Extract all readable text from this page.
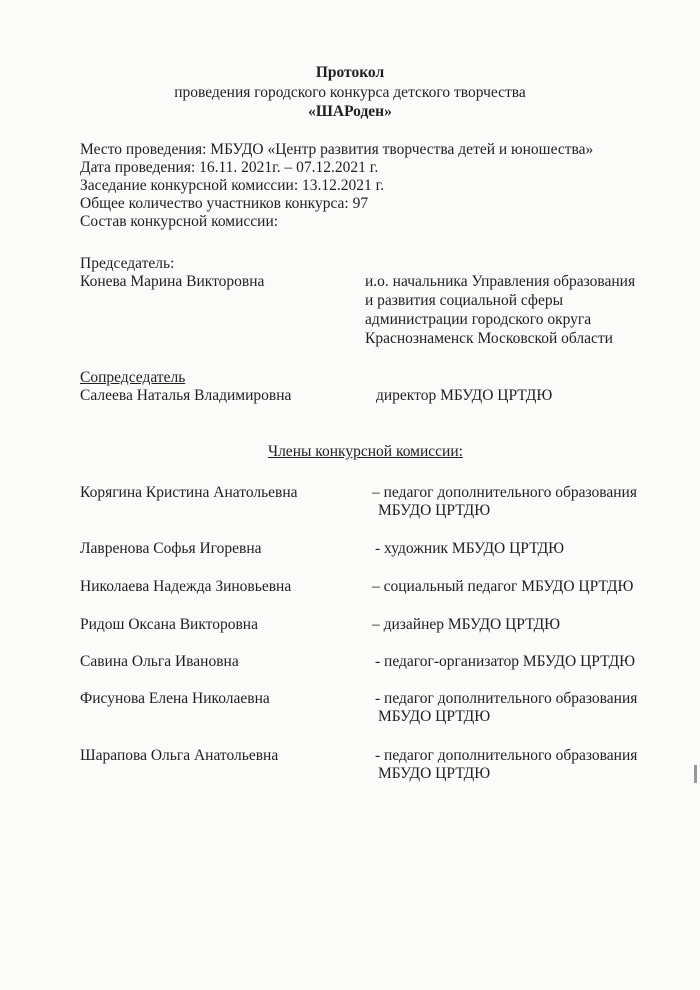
Протокол
проведения городского конкурса детского творчества
«ШАРоден»
Место проведения: МБУДО «Центр развития творчества детей и юношества»
Дата проведения: 16.11. 2021г. – 07.12.2021 г.
Заседание конкурсной комиссии: 13.12.2021 г.
Общее количество участников конкурса: 97
Состав конкурсной комиссии:
Председатель:
Конева Марина Викторовна	и.о. начальника Управления образования
и развития социальной сферы
администрации городского округа
Краснознаменск Московской области
Сопредседатель
Салеева Наталья Владимировна	директор МБУДО ЦРТДЮ
Члены конкурсной комиссии:
Корягина Кристина Анатольевна	– педагог дополнительного образования
МБУДО ЦРТДЮ
Лавренова Софья Игоревна	- художник МБУДО ЦРТДЮ
Николаева Надежда Зиновьевна	– социальный педагог МБУДО ЦРТДЮ
Ридош Оксана Викторовна	– дизайнер МБУДО ЦРТДЮ
Савина Ольга Ивановна	- педагог-организатор МБУДО ЦРТДЮ
Фисунова Елена Николаевна	- педагог дополнительного образования
МБУДО ЦРТДЮ
Шарапова Ольга Анатольевна	- педагог дополнительного образования
МБУДО ЦРТДЮ
